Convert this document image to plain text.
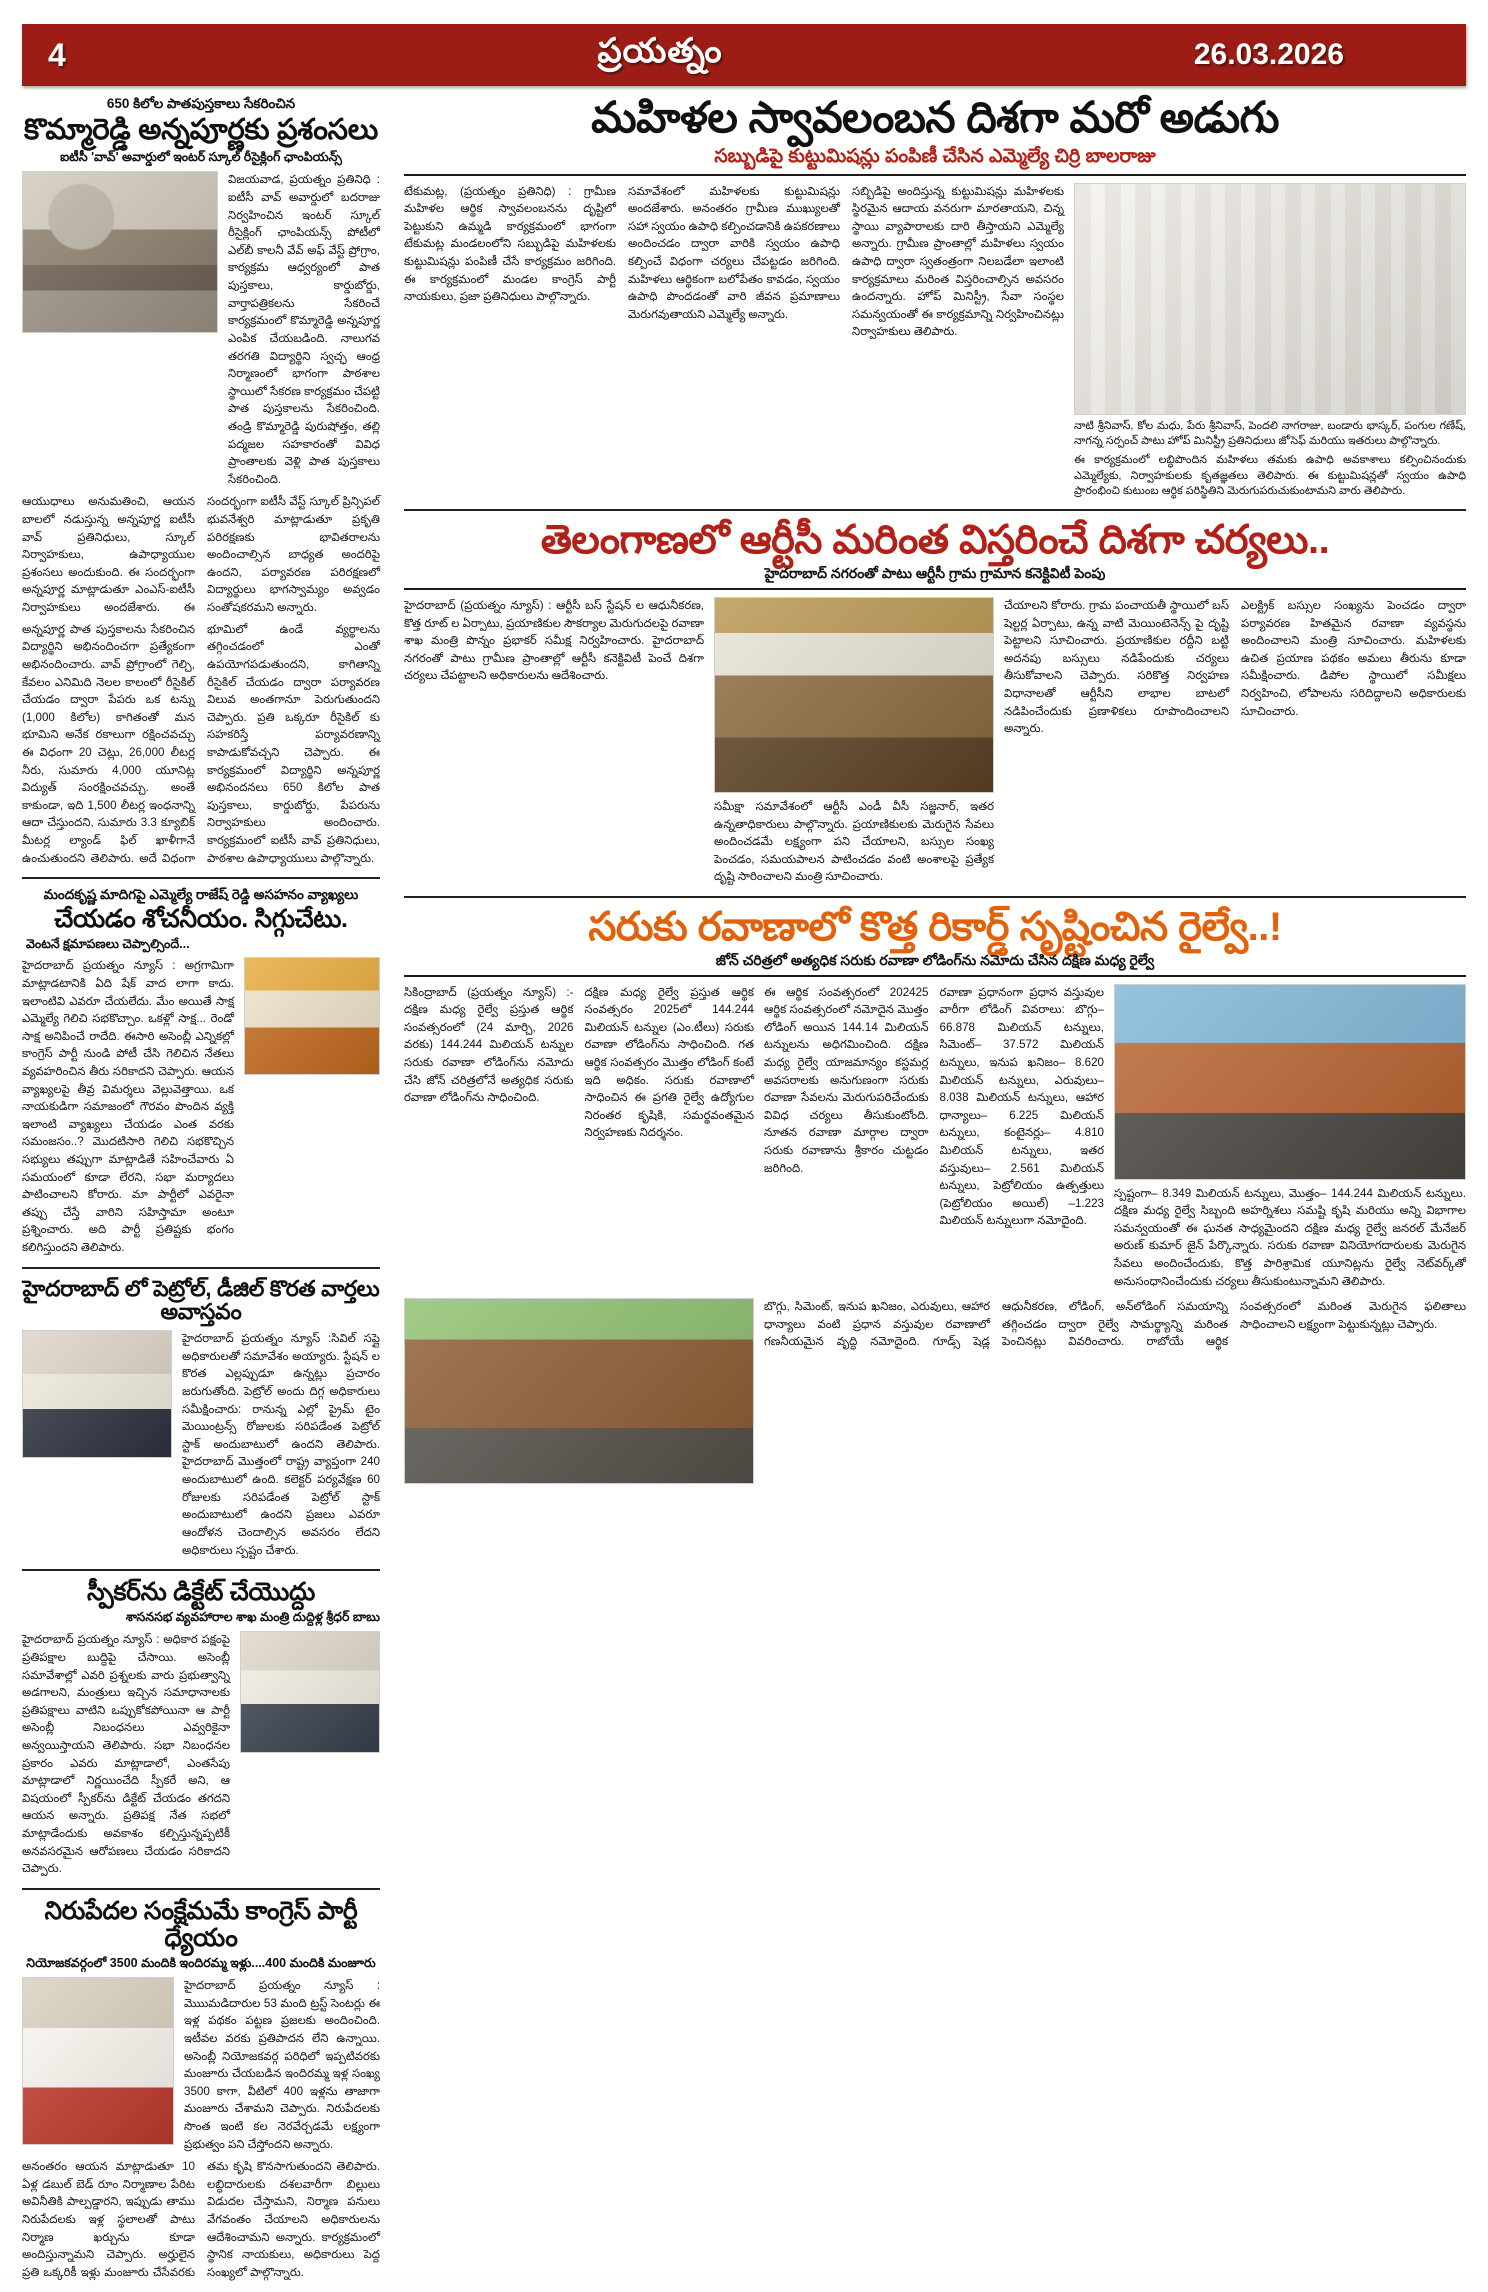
4	ప్రయత్నం	26.03.2026
650 కిలోల పాతపుస్తకాలు సేకరించిన
కొమ్మారెడ్డి అన్నపూర్ణకు ప్రశంసలు
ఐటీసీ 'వావ్‌' అవార్డులో ఇంటర్ స్కూల్ రీసైక్లింగ్ ఛాంపియన్స్
విజయవాడ, ప్రయత్నం ప్రతినిధి : ఐటీసీ వావ్‌ అవార్డులో బదరాజు నిర్వహించిన ఇంటర్ స్కూల్ రీసైక్లింగ్ ఛాంపియన్స్ పోటీలో ఎల్‌బీ కాలనీ వేవ్ అఫ్ వేస్ట్ ప్రోగ్రాం, కార్యక్రమ ఆధ్వర్యంలో పాత పుస్తకాలు, కార్డుబోర్డు, వార్తాపత్రికలను సేకరించే కార్యక్రమంలో కొమ్మారెడ్డి అన్నపూర్ణ ఎంపిక చేయబడింది. నాలుగవ తరగతి విద్యార్థిని స్వచ్ఛ ఆంధ్ర నిర్మాణంలో భాగంగా పాఠశాల స్థాయిలో సేకరణ కార్యక్రమం చేపట్టి పాత పుస్తకాలను సేకరించింది. తండ్రి కొమ్మారెడ్డి పురుషోత్తం, తల్లి పద్మజల సహకారంతో వివిధ ప్రాంతాలకు వెళ్లి పాత పుస్తకాలు సేకరించింది.
ఆయుధాలు అనుమతించి, ఆయన బాలలో నడుస్తున్న అన్నపూర్ణ ఐటీసీ వావ్ ప్రతినిధులు, స్కూల్ నిర్వాహకులు, ఉపాధ్యాయుల ప్రశంసలు అందుకుంది. ఈ సందర్భంగా అన్నపూర్ణ మాట్లాడుతూ ఎంఎస్-ఐటీసీ నిర్వాహకులు అందజేశారు. ఈ సందర్భంగా ఐటీసీ వేస్ట్ స్కూల్ ప్రిన్సిపల్ భువనేశ్వరి మాట్లాడుతూ ప్రకృతి పరిరక్షణకు భావితరాలను అందించాల్సిన బాధ్యత అందరిపై ఉందని, పర్యావరణ పరిరక్షణలో విద్యార్థులు భాగస్వామ్యం అవ్వడం సంతోషకరమని అన్నారు.
అన్నపూర్ణ పాత పుస్తకాలను సేకరించిన విద్యార్థిని అభినందించగా ప్రత్యేకంగా అభినందించారు. వావ్ ప్రోగ్రాంలో గెల్చి, కేవలం ఎనిమిది నెలల కాలంలో రీసైకిల్ చేయడం ద్వారా పేపరు ఒక టన్ను (1,000 కిలోల) కాగితంతో మన భూమిని అనేక రకాలుగా రక్షించవచ్చు ఈ విధంగా 20 చెట్లు, 26,000 లీటర్ల నీరు, సుమారు 4,000 యూనిట్ల విద్యుత్ సంరక్షించవచ్చు. అంతే కాకుండా, ఇది 1,500 లీటర్ల ఇంధనాన్ని ఆదా చేస్తుందని, సుమారు 3.3 క్యూబిక్ మీటర్ల ల్యాండ్ ఫిల్ ఖాళీగానే ఉంచుతుందని తెలిపారు. అదే విధంగా భూమిలో ఉండే వ్యర్థాలను తగ్గించడంలో ఎంతో ఉపయోగపడుతుందని, కాగితాన్ని రీసైకిల్ చేయడం ద్వారా పర్యావరణ విలువ అంతగానూ పెరుగుతుందని చెప్పారు. ప్రతి ఒక్కరూ రీసైకిల్ కు సహకరిస్తే పర్యావరణాన్ని కాపాడుకోవచ్చని చెప్పారు. ఈ కార్యక్రమంలో విద్యార్థిని అన్నపూర్ణ అభినందనలు 650 కిలోల పాత పుస్తకాలు, కార్డుబోర్డు, పేపరును నిర్వాహకులు అందించారు. కార్యక్రమంలో ఐటీసీ వావ్ ప్రతినిధులు, పాఠశాల ఉపాధ్యాయులు పాల్గొన్నారు.
మందకృష్ణ మాదిగపై ఎమ్మెల్యే రాజేష్ రెడ్డి అసహనం వ్యాఖ్యలు
చేయడం శోచనీయం. సిగ్గుచేటు.
వెంటనే క్షమాపణలు చెప్పాల్సిందే...
హైదరాబాద్ ప్రయత్నం న్యూస్ : అగ్రగామిగా మాట్లాడటానికి ఏది షేక్ వాద లాగా కాదు. ఇలాంటివి ఎవరూ చేయలేదు. మేం అయితే సాక్ష ఎమ్మెల్యే గెలిచి సభకొచ్చాం. ఒకళ్లో సాక్ష... రెండో సాక్ష అనిపించే రాదేది. ఈసారి అసెంబ్లీ ఎన్నికల్లో కాంగ్రెస్ పార్టీ నుండి పోటీ చేసి గెలిచిన నేతలు వ్యవహరించిన తీరు సరికాదని చెప్పారు. ఆయన వ్యాఖ్యలపై తీవ్ర విమర్శలు వెల్లువెత్తాయి. ఒక నాయకుడిగా సమాజంలో గౌరవం పొందిన వ్యక్తి ఇలాంటి వ్యాఖ్యలు చేయడం ఎంత వరకు సమంజసం..? మొదటిసారి గెలిచి సభకొచ్చిన సభ్యులు తప్పుగా మాట్లాడితే సహించేవారు ఏ సమయంలో కూడా లేరని, సభా మర్యాదలు పాటించాలని కోరారు. మా పార్టీలో ఎవరైనా తప్పు చేస్తే వారిని సహిస్తామా అంటూ ప్రశ్నించారు. అది పార్టీ ప్రతిష్టకు భంగం కలిగిస్తుందని తెలిపారు.
హైదరాబాద్ లో పెట్రోల్, డీజిల్ కొరత వార్తలు అవాస్తవం
హైదరాబాద్ ప్రయత్నం న్యూస్ :సివిల్ సప్లై అధికారులతో సమావేశం అయ్యారు. స్టేషన్ ల కొరత ఎల్లప్పుడూ ఉన్నట్లు ప్రచారం జరుగుతోంది. పెట్రోల్ అందు దిగ్గ అధికారులు సమీక్షించారు: రానున్న ఎల్లో ప్రైమ్ టైం మెయింట్రన్స్ రోజులకు సరిపడేంత పెట్రోల్ స్టాక్ అందుబాటులో ఉందని తెలిపారు. హైదరాబాద్ మొత్తంలో రాష్ట్ర వ్యాప్తంగా 240 అందుబాటులో ఉంది. కలెక్టర్ పర్యవేక్షణ 60 రోజులకు సరిపడేంత పెట్రోల్ స్టాక్ అందుబాటులో ఉందని ప్రజలు ఎవరూ ఆందోళన చెందాల్సిన అవసరం లేదని అధికారులు స్పష్టం చేశారు.
స్పీకర్‌ను డిక్టేట్ చేయొద్దు
శాసనసభ వ్యవహారాల శాఖ మంత్రి దుద్దిళ్ల శ్రీధర్ బాబు
హైదరాబాద్ ప్రయత్నం న్యూస్ : అధికార పక్షంపై ప్రతిపక్షాల బుద్ధిపై చేసాయి. అసెంబ్లీ సమావేశాల్లో ఎవరి ప్రశ్నలకు వారు ప్రభుత్వాన్ని అడగాలని, మంత్రులు ఇచ్చిన సమాధానాలకు ప్రతిపక్షాలు వాటిని ఒప్పుకోకపోయినా ఆ పార్టీ అసెంబ్లీ నిబంధనలు ఎవ్వరికైనా అన్వయిస్తాయని తెలిపారు. సభా నిబంధనల ప్రకారం ఎవరు మాట్లాడాలో, ఎంతసేపు మాట్లాడాలో నిర్ణయించేది స్పీకరే అని, ఆ విషయంలో స్పీకర్‌ను డిక్టేట్ చేయడం తగదని ఆయన అన్నారు. ప్రతిపక్ష నేత సభలో మాట్లాడేందుకు అవకాశం కల్పిస్తున్నప్పటికీ అనవసరమైన ఆరోపణలు చేయడం సరికాదని చెప్పారు.
నిరుపేదల సంక్షేమమే కాంగ్రెస్ పార్టీ ధ్యేయం
నియోజకవర్గంలో 3500 మందికి ఇందిరమ్మ ఇళ్లు....400 మందికి మంజూరు
హైదరాబాద్ ప్రయత్నం న్యూస్ : మెుుుమడిదారుల 53 మంది ట్రస్ట్ సెంటర్లు ఈ ఇళ్ల పథకం పట్టణ ప్రజలకు అందించింది. ఇటీవల వరకు ప్రతిపాదన లేని ఉన్నాయి. అసెంబ్లీ నియోజకవర్గ పరిధిలో ఇప్పటివరకు మంజూరు చేయబడిన ఇందిరమ్మ ఇళ్ల సంఖ్య 3500 కాగా, వీటిలో 400 ఇళ్లను తాజాగా మంజూరు చేశామని చెప్పారు. నిరుపేదలకు సొంత ఇంటి కల నెరవేర్చడమే లక్ష్యంగా ప్రభుత్వం పని చేస్తోందని అన్నారు.
అనంతరం ఆయన మాట్లాడుతూ 10 ఏళ్ల డబుల్ బెడ్ రూం నిర్మాణాల పేరిట అవినీతికి పాల్పడ్డారని, ఇప్పుడు తాము నిరుపేదలకు ఇళ్ల స్థలాలతో పాటు నిర్మాణ ఖర్చును కూడా అందిస్తున్నామని చెప్పారు. అర్హులైన ప్రతి ఒక్కరికీ ఇళ్లు మంజూరు చేసేవరకు తమ కృషి కొనసాగుతుందని తెలిపారు. లబ్ధిదారులకు దశలవారీగా బిల్లులు విడుదల చేస్తామని, నిర్మాణ పనులు వేగవంతం చేయాలని అధికారులను ఆదేశించామని అన్నారు. కార్యక్రమంలో స్థానిక నాయకులు, అధికారులు పెద్ద సంఖ్యలో పాల్గొన్నారు.
మహిళల స్వావలంబన దిశగా మరో అడుగు
సబ్బుడిపై కుట్టుమిషన్లు పంపిణీ చేసిన ఎమ్మెల్యే చిర్రి బాలరాజు
టేకుమట్ల, (ప్రయత్నం ప్రతినిధి) : గ్రామీణ మహిళల ఆర్థిక స్వావలంబనను దృష్టిలో పెట్టుకుని ఉమ్మడి కార్యక్రమంలో భాగంగా టేకుమట్ల మండలంలోని సబ్బుడిపై మహిళలకు కుట్టుమిషన్లు పంపిణీ చేసే కార్యక్రమం జరిగింది. ఈ కార్యక్రమంలో మండల కాంగ్రెస్ పార్టీ నాయకులు, ప్రజా ప్రతినిధులు పాల్గొన్నారు.
సమావేశంలో మహిళలకు కుట్టుమిషన్లు అందజేశారు. అనంతరం గ్రామీణ ముఖ్యులతో సహా స్వయం ఉపాధి కల్పించడానికి ఉపకరణాలు అందించడం ద్వారా వారికి స్వయం ఉపాధి కల్పించే విధంగా చర్యలు చేపట్టడం జరిగింది. మహిళలు ఆర్థికంగా బలోపేతం కావడం, స్వయం ఉపాధి పొందడంతో వారి జీవన ప్రమాణాలు మెరుగవుతాయని ఎమ్మెల్యే అన్నారు.
సబ్బిడిపై అందిస్తున్న కుట్టుమిషన్లు మహిళలకు స్థిరమైన ఆదాయ వనరుగా మారతాయని, చిన్న స్థాయి వ్యాపారాలకు దారి తీస్తాయని ఎమ్మెల్యే అన్నారు. గ్రామీణ ప్రాంతాల్లో మహిళలు స్వయం ఉపాధి ద్వారా స్వతంత్రంగా నిలబడేలా ఇలాంటి కార్యక్రమాలు మరింత విస్తరించాల్సిన అవసరం ఉందన్నారు. హోప్ మినిస్ట్రీ, సేవా సంస్థల సమన్వయంతో ఈ కార్యక్రమాన్ని నిర్వహించినట్లు నిర్వాహకులు తెలిపారు.
నాటి శ్రీనివాస్, కోల మధు, పేరు శ్రీనివాస్, పెందలి నాగరాజు, బండారు భాస్కర్, పంగుల గణేష్, నాగన్న సర్పంచ్ పాటు హోప్ మినిస్ట్రీ ప్రతినిధులు జోసెఫ్ మరియు ఇతరులు పాల్గొన్నారు.
ఈ కార్యక్రమంలో లబ్ధిపొందిన మహిళలు తమకు ఉపాధి అవకాశాలు కల్పించినందుకు ఎమ్మెల్యేకు, నిర్వాహకులకు కృతజ్ఞతలు తెలిపారు. ఈ కుట్టుమిషన్లతో స్వయం ఉపాధి ప్రారంభించి కుటుంబ ఆర్థిక పరిస్థితిని మెరుగుపరుచుకుంటామని వారు తెలిపారు.
తెలంగాణలో ఆర్టీసీ మరింత విస్తరించే దిశగా చర్యలు..
హైదరాబాద్ నగరంతో పాటు ఆర్టీసీ గ్రామ గ్రామాన కనెక్టివిటీ పెంపు
హైదరాబాద్ (ప్రయత్నం న్యూస్) : ఆర్టీసీ బస్ స్టేషన్ ల ఆధునీకరణ, కొత్త రూట్ ల ఏర్పాటు, ప్రయాణికుల సౌకర్యాల మెరుగుదలపై రవాణా శాఖ మంత్రి పొన్నం ప్రభాకర్ సమీక్ష నిర్వహించారు. హైదరాబాద్ నగరంతో పాటు గ్రామీణ ప్రాంతాల్లో ఆర్టీసీ కనెక్టివిటీ పెంచే దిశగా చర్యలు చేపట్టాలని అధికారులను ఆదేశించారు.
సమీక్షా సమావేశంలో ఆర్టీసీ ఎండీ వీసీ సజ్జనార్, ఇతర ఉన్నతాధికారులు పాల్గొన్నారు. ప్రయాణికులకు మెరుగైన సేవలు అందించడమే లక్ష్యంగా పని చేయాలని, బస్సుల సంఖ్య పెంచడం, సమయపాలన పాటించడం వంటి అంశాలపై ప్రత్యేక దృష్టి సారించాలని మంత్రి సూచించారు.
చేయాలని కోరారు. గ్రామ పంచాయతీ స్థాయిలో బస్ షెల్టర్ల ఏర్పాటు, ఉన్న వాటి మెయింటెనెన్స్ పై దృష్టి పెట్టాలని సూచించారు. ప్రయాణికుల రద్దీని బట్టి అదనపు బస్సులు నడిపేందుకు చర్యలు తీసుకోవాలని చెప్పారు. సరికొత్త నిర్వహణ విధానాలతో ఆర్టీసీని లాభాల బాటలో నడిపించేందుకు ప్రణాళికలు రూపొందించాలని అన్నారు.
ఎలక్ట్రిక్ బస్సుల సంఖ్యను పెంచడం ద్వారా పర్యావరణ హితమైన రవాణా వ్యవస్థను అందించాలని మంత్రి సూచించారు. మహిళలకు ఉచిత ప్రయాణ పథకం అమలు తీరును కూడా సమీక్షించారు. డిపోల స్థాయిలో సమీక్షలు నిర్వహించి, లోపాలను సరిదిద్దాలని అధికారులకు సూచించారు.
సరుకు రవాణాలో కొత్త రికార్డ్ సృష్టించిన రైల్వే..!
జోన్ చరిత్రలో అత్యధిక సరుకు రవాణా లోడింగ్‌ను నమోదు చేసిన దక్షిణ మధ్య రైల్వే
సికింద్రాబాద్ (ప్రయత్నం న్యూస్) :- దక్షిణ మధ్య రైల్వే ప్రస్తుత ఆర్థిక సంవత్సరంలో (24 మార్చి, 2026 వరకు) 144.244 మిలియన్ టన్నుల సరుకు రవాణా లోడింగ్‌ను నమోదు చేసి జోన్ చరిత్రలోనే అత్యధిక సరుకు రవాణా లోడింగ్‌ను సాధించింది.
దక్షిణ మధ్య రైల్వే ప్రస్తుత ఆర్థిక సంవత్సరం 2025లో 144.244 మిలియన్ టన్నుల (ఎం.టీలు) సరుకు రవాణా లోడింగ్‌ను సాధించింది. గత ఆర్థిక సంవత్సరం మొత్తం లోడింగ్ కంటే ఇది అధికం. సరుకు రవాణాలో సాధించిన ఈ ప్రగతి రైల్వే ఉద్యోగుల నిరంతర కృషికి, సమర్థవంతమైన నిర్వహణకు నిదర్శనం.
ఈ ఆర్థిక సంవత్సరంలో 202425 ఆర్థిక సంవత్సరంలో నమోదైన మొత్తం లోడింగ్ అయిన 144.14 మిలియన్ టన్నులను అధిగమించింది. దక్షిణ మధ్య రైల్వే యాజమాన్యం కస్టమర్ల అవసరాలకు అనుగుణంగా సరుకు రవాణా సేవలను మెరుగుపరిచేందుకు వివిధ చర్యలు తీసుకుంటోంది. నూతన రవాణా మార్గాల ద్వారా సరుకు రవాణాను శ్రీకారం చుట్టడం జరిగింది.
రవాణా ప్రధానంగా ప్రధాన వస్తువుల వారీగా లోడింగ్ వివరాలు: బొగ్గు– 66.878 మిలియన్ టన్నులు, సిమెంట్‌– 37.572 మిలియన్ టన్నులు, ఇనుప ఖనిజం– 8.620 మిలియన్ టన్నులు, ఎరువులు– 8.038 మిలియన్ టన్నులు, ఆహార ధాన్యాలు– 6.225 మిలియన్ టన్నులు, కంటైనర్లు– 4.810 మిలియన్ టన్నులు, ఇతర వస్తువులు– 2.561 మిలియన్ టన్నులు, పెట్రోలియం ఉత్పత్తులు (పెట్రోలియం అయిల్) –1.223 మిలియన్ టన్నులుగా నమోదైంది.
స్పష్టంగా– 8.349 మిలియన్ టన్నులు, మొత్తం– 144.244 మిలియన్ టన్నులు. దక్షిణ మధ్య రైల్వే సిబ్బంది అహర్నిశలు సమష్టి కృషి మరియు అన్ని విభాగాల సమన్వయంతో ఈ ఘనత సాధ్యమైందని దక్షిణ మధ్య రైల్వే జనరల్ మేనేజర్ అరుణ్ కుమార్ జైన్ పేర్కొన్నారు. సరుకు రవాణా వినియోగదారులకు మెరుగైన సేవలు అందించేందుకు, కొత్త పారిశ్రామిక యూనిట్లను రైల్వే నెట్‌వర్క్‌తో అనుసంధానించేందుకు చర్యలు తీసుకుంటున్నామని తెలిపారు.
బొగ్గు, సిమెంట్, ఇనుప ఖనిజం, ఎరువులు, ఆహార ధాన్యాలు వంటి ప్రధాన వస్తువుల రవాణాలో గణనీయమైన వృద్ధి నమోదైంది. గూడ్స్ షెడ్ల ఆధునీకరణ, లోడింగ్, అన్‌లోడింగ్ సమయాన్ని తగ్గించడం ద్వారా రైల్వే సామర్థ్యాన్ని మరింత పెంచినట్లు వివరించారు. రాబోయే ఆర్థిక సంవత్సరంలో మరింత మెరుగైన ఫలితాలు సాధించాలని లక్ష్యంగా పెట్టుకున్నట్లు చెప్పారు.
